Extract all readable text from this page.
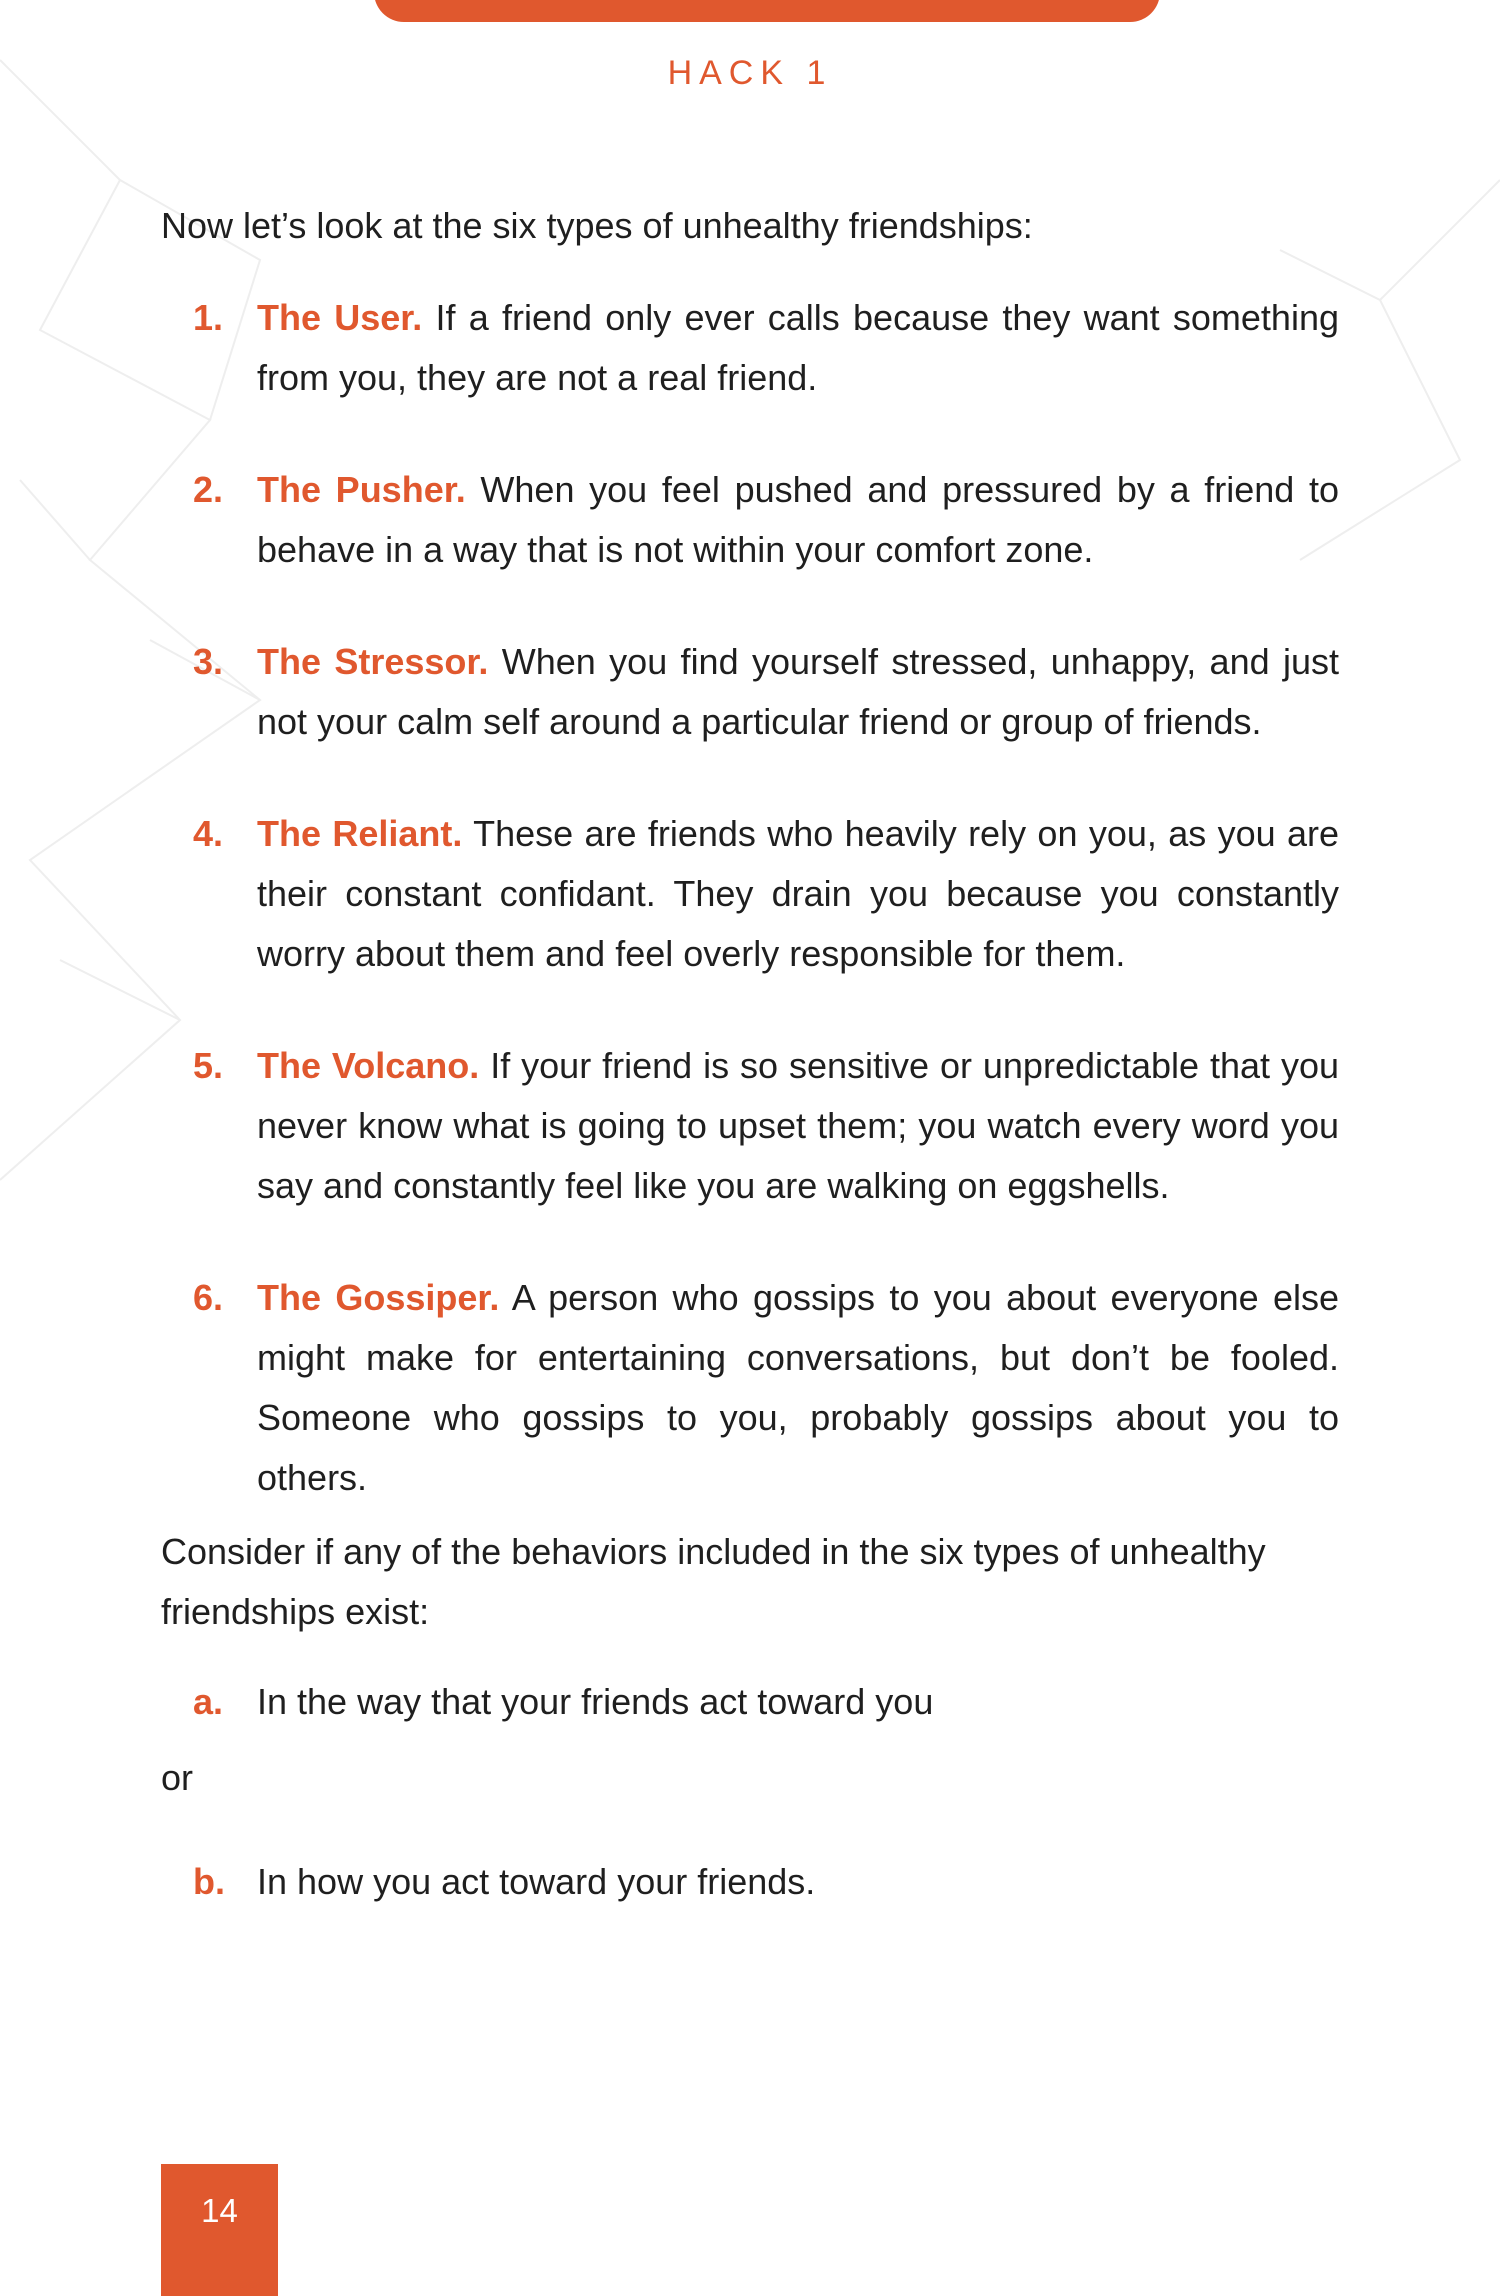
HACK 1

Now let’s look at the six types of unhealthy friendships:

1. The User. If a friend only ever calls because they want something from you, they are not a real friend.
2. The Pusher. When you feel pushed and pressured by a friend to behave in a way that is not within your comfort zone.
3. The Stressor. When you find yourself stressed, unhappy, and just not your calm self around a particular friend or group of friends.
4. The Reliant. These are friends who heavily rely on you, as you are their constant confidant. They drain you because you constantly worry about them and feel overly responsible for them.
5. The Volcano. If your friend is so sensitive or unpredictable that you never know what is going to upset them; you watch every word you say and constantly feel like you are walking on eggshells.
6. The Gossiper. A person who gossips to you about everyone else might make for entertaining conversations, but don’t be fooled. Someone who gossips to you, probably gossips about you to others.

Consider if any of the behaviors included in the six types of unhealthy friendships exist:

a. In the way that your friends act toward you

or

b. In how you act toward your friends.
14
